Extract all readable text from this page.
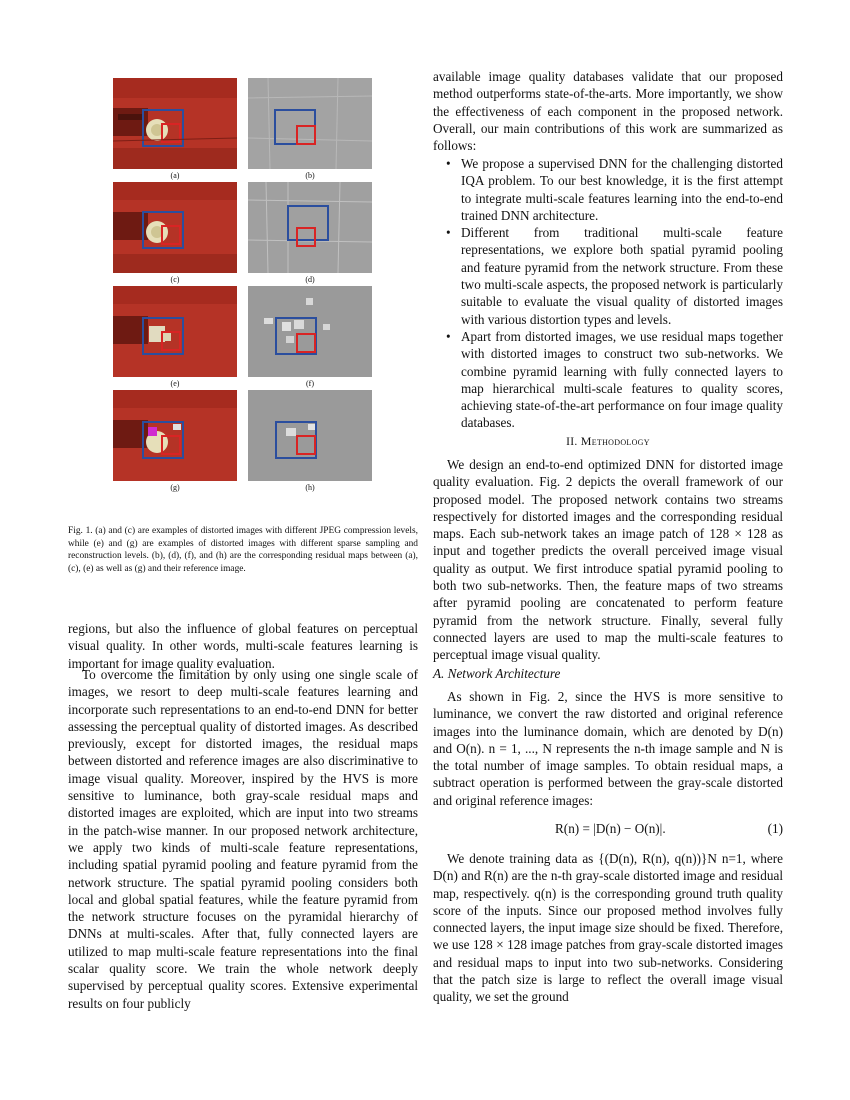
(a)	(b)
(c)	(d)
(e)	(f)
(g)	(h)

Fig. 1. (a) and (c) are examples of distorted images with different JPEG compression levels, while (e) and (g) are examples of distorted images with different sparse sampling and reconstruction levels. (b), (d), (f), and (h) are the corresponding residual maps between (a), (c), (e) as well as (g) and their reference image.

regions, but also the influence of global features on perceptual visual quality. In other words, multi-scale features learning is important for image quality evaluation.

To overcome the limitation by only using one single scale of images, we resort to deep multi-scale features learning and incorporate such representations to an end-to-end DNN for better assessing the perceptual quality of distorted images. As described previously, except for distorted images, the residual maps between distorted and reference images are also discriminative to image visual quality. Moreover, inspired by the HVS is more sensitive to luminance, both gray-scale residual maps and distorted images are exploited, which are input into two streams in the patch-wise manner. In our proposed network architecture, we apply two kinds of multi-scale feature representations, including spatial pyramid pooling and feature pyramid from the network structure. The spatial pyramid pooling considers both local and global spatial features, while the feature pyramid from the network structure focuses on the pyramidal hierarchy of DNNs at multi-scales. After that, fully connected layers are utilized to map multi-scale feature representations into the final scalar quality score. We train the whole network deeply supervised by perceptual quality scores. Extensive experimental results on four publicly

available image quality databases validate that our proposed method outperforms state-of-the-arts. More importantly, we show the effectiveness of each component in the proposed network. Overall, our main contributions of this work are summarized as follows:

• We propose a supervised DNN for the challenging distorted IQA problem. To our best knowledge, it is the first attempt to integrate multi-scale features learning into the end-to-end trained DNN architecture.
• Different from traditional multi-scale feature representations, we explore both spatial pyramid pooling and feature pyramid from the network structure. From these two multi-scale aspects, the proposed network is particularly suitable to evaluate the visual quality of distorted images with various distortion types and levels.
• Apart from distorted images, we use residual maps together with distorted images to construct two sub-networks. We combine pyramid learning with fully connected layers to map hierarchical multi-scale features to quality scores, achieving state-of-the-art performance on four image quality databases.
II. Methodology

We design an end-to-end optimized DNN for distorted image quality evaluation. Fig. 2 depicts the overall framework of our proposed model. The proposed network contains two streams respectively for distorted images and the corresponding residual maps. Each sub-network takes an image patch of 128 × 128 as input and together predicts the overall perceived image visual quality as output. We first introduce spatial pyramid pooling to both two sub-networks. Then, the feature maps of two streams after pyramid pooling are concatenated to perform feature pyramid from the network structure. Finally, several fully connected layers are used to map the multi-scale features to perceptual image visual quality.

A. Network Architecture

As shown in Fig. 2, since the HVS is more sensitive to luminance, we convert the raw distorted and original reference images into the luminance domain, which are denoted by D(n) and O(n). n = 1, ..., N represents the n-th image sample and N is the total number of image samples. To obtain residual maps, a subtract operation is performed between the gray-scale distorted and original reference images:

R(n) = |D(n) − O(n)|.	(1)

We denote training data as {(D(n), R(n), q(n))}N n=1, where D(n) and R(n) are the n-th gray-scale distorted image and residual map, respectively. q(n) is the corresponding ground truth quality score of the inputs. Since our proposed method involves fully connected layers, the input image size should be fixed. Therefore, we use 128 × 128 image patches from gray-scale distorted images and residual maps to input into two sub-networks. Considering that the patch size is large to reflect the overall image visual quality, we set the ground
